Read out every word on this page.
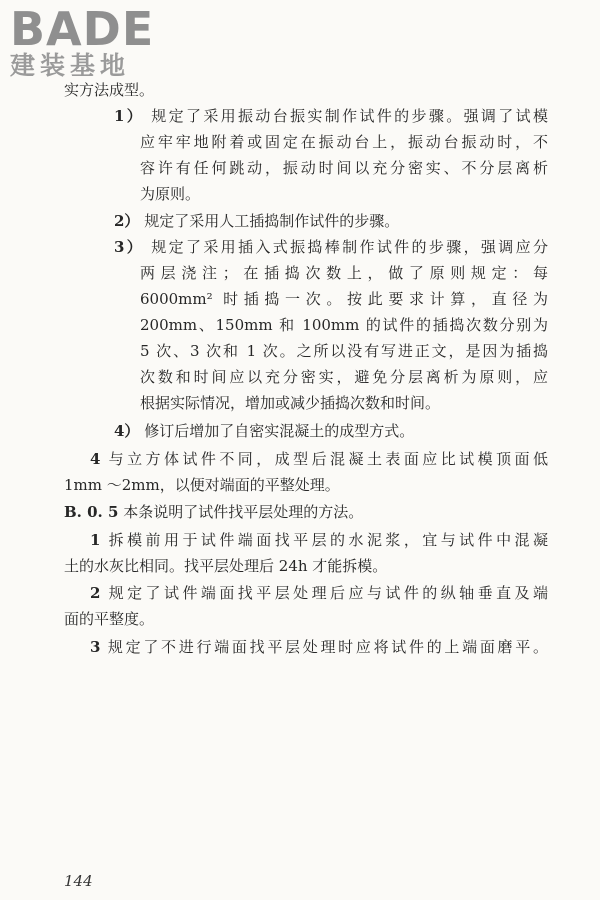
BADE
建装基地
实方法成型。
1） 规定了采用振动台振实制作试件的步骤。强调了试模
应牢牢地附着或固定在振动台上，振动台振动时，不
容许有任何跳动，振动时间以充分密实、不分层离析
为原则。
2） 规定了采用人工插捣制作试件的步骤。
3） 规定了采用插入式振捣棒制作试件的步骤，强调应分
两层浇注；在插捣次数上，做了原则规定：每
6000mm² 时插捣一次。按此要求计算，直径为
200mm、150mm 和 100mm 的试件的插捣次数分别为
5 次、3 次和 1 次。之所以没有写进正文，是因为插捣
次数和时间应以充分密实，避免分层离析为原则，应
根据实际情况，增加或减少插捣次数和时间。
4） 修订后增加了自密实混凝土的成型方式。
4 与立方体试件不同，成型后混凝土表面应比试模顶面低
1mm ～2mm，以便对端面的平整处理。
B. 0. 5 本条说明了试件找平层处理的方法。
1 拆模前用于试件端面找平层的水泥浆，宜与试件中混凝
土的水灰比相同。找平层处理后 24h 才能拆模。
2 规定了试件端面找平层处理后应与试件的纵轴垂直及端
面的平整度。
3 规定了不进行端面找平层处理时应将试件的上端面磨平。
144
